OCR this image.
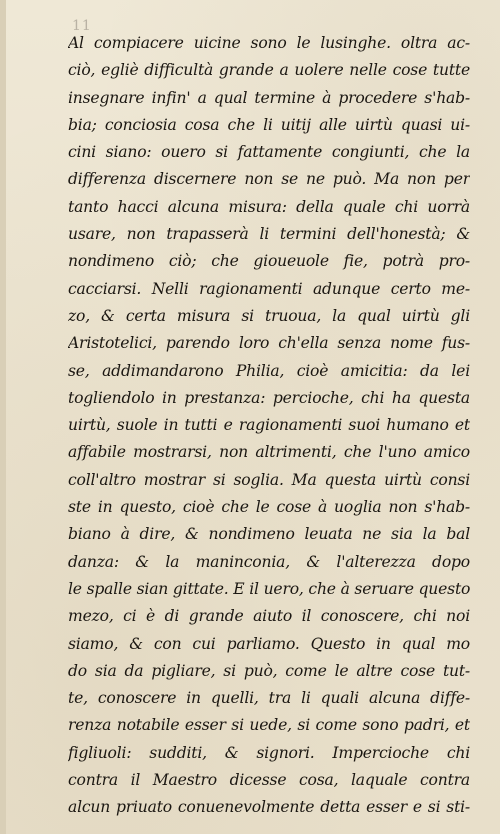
11
Al compiacere uicine sono le lusinghe. oltra ac-
ciò, egliè difficultà grande a uolere nelle cose tutte
insegnare infin' a qual termine à procedere s'hab-
bia; conciosia cosa che li uitij alle uirtù quasi ui-
cini siano: ouero si fattamente congiunti, che la
differenza discernere non se ne può. Ma non per
tanto hacci alcuna misura: della quale chi uorrà
usare, non trapasserà li termini dell'honestà; &
nondimeno ciò; che gioueuole fie, potrà pro-
cacciarsi. Nelli ragionamenti adunque certo me-
zo, & certa misura si truoua, la qual uirtù gli
Aristotelici, parendo loro ch'ella senza nome fus-
se, addimandarono Philia, cioè amicitia: da lei
togliendolo in prestanza: percioche, chi ha questa
uirtù, suole in tutti e ragionamenti suoi humano et
affabile mostrarsi, non altrimenti, che l'uno amico
coll'altro mostrar si soglia. Ma questa uirtù consi
ste in questo, cioè che le cose à uoglia non s'hab-
biano à dire, & nondimeno leuata ne sia la bal
danza: & la maninconia, & l'alterezza dopo
le spalle sian gittate. E il uero, che à seruare questo
mezo, ci è di grande aiuto il conoscere, chi noi
siamo, & con cui parliamo. Questo in qual mo
do sia da pigliare, si può, come le altre cose tut-
te, conoscere in quelli, tra li quali alcuna diffe-
renza notabile esser si uede, si come sono padri, et
figliuoli: sudditi, & signori. Impercioche chi
contra il Maestro dicesse cosa, laquale contra
alcun priuato conuenevolmente detta esser e si sti-
